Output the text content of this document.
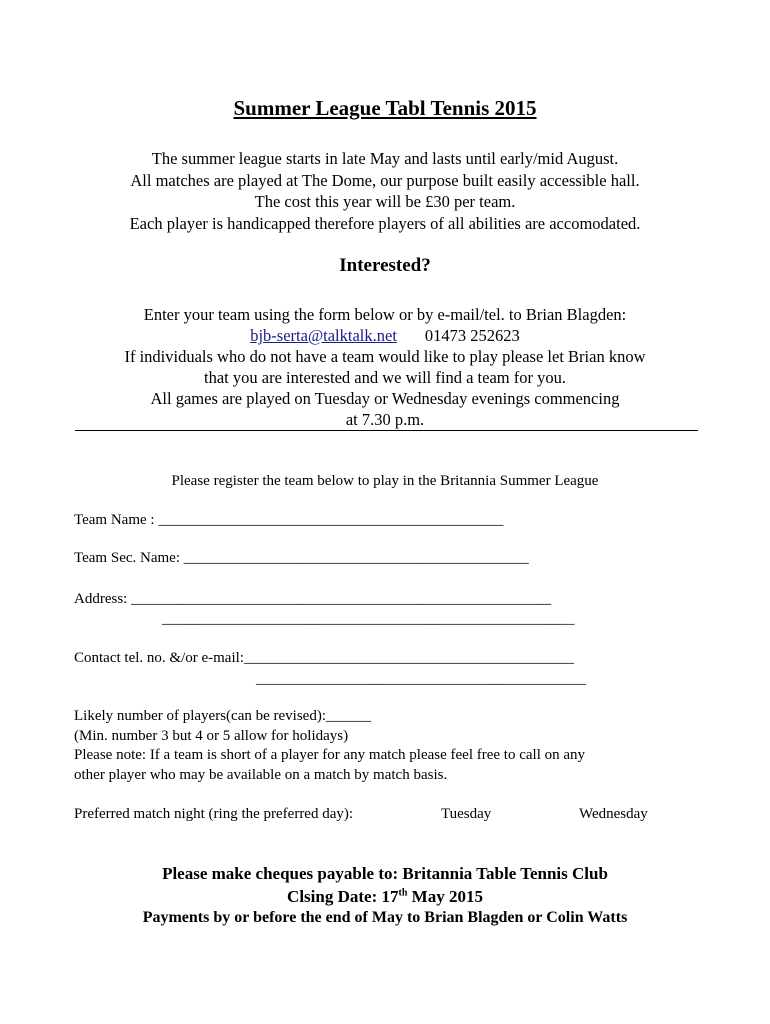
Summer League Tabl Tennis 2015
The summer league starts in late May and lasts until early/mid August.
All matches are played at The Dome, our purpose built easily accessible hall.
The cost this year will be £30 per team.
Each player is handicapped therefore players of all abilities are accomodated.
Interested?
Enter your team using the form below or by e-mail/tel. to Brian Blagden:
bjb-serta@talktalk.net 01473 252623
If individuals who do not have a team would like to play please let Brian know
that you are interested and we will find a team for you.
All games are played on Tuesday or Wednesday evenings commencing
at 7.30 p.m.
Please register the team below to play in the Britannia Summer League
Team Name : ______________________________________________
Team Sec. Name: ______________________________________________
Address: ________________________________________________________
_______________________________________________________
Contact tel. no. &/or e-mail:____________________________________________
____________________________________________
Likely number of players(can be revised):______
(Min. number 3 but 4 or 5 allow for holidays)
Please note: If a team is short of a player for any match please feel free to call on any
other player who may be available on a match by match basis.
Preferred match night (ring the preferred day):	Tuesday	Wednesday
Please make cheques payable to: Britannia Table Tennis Club
Clsing Date: 17th May 2015
Payments by or before the end of May to Brian Blagden or Colin Watts
